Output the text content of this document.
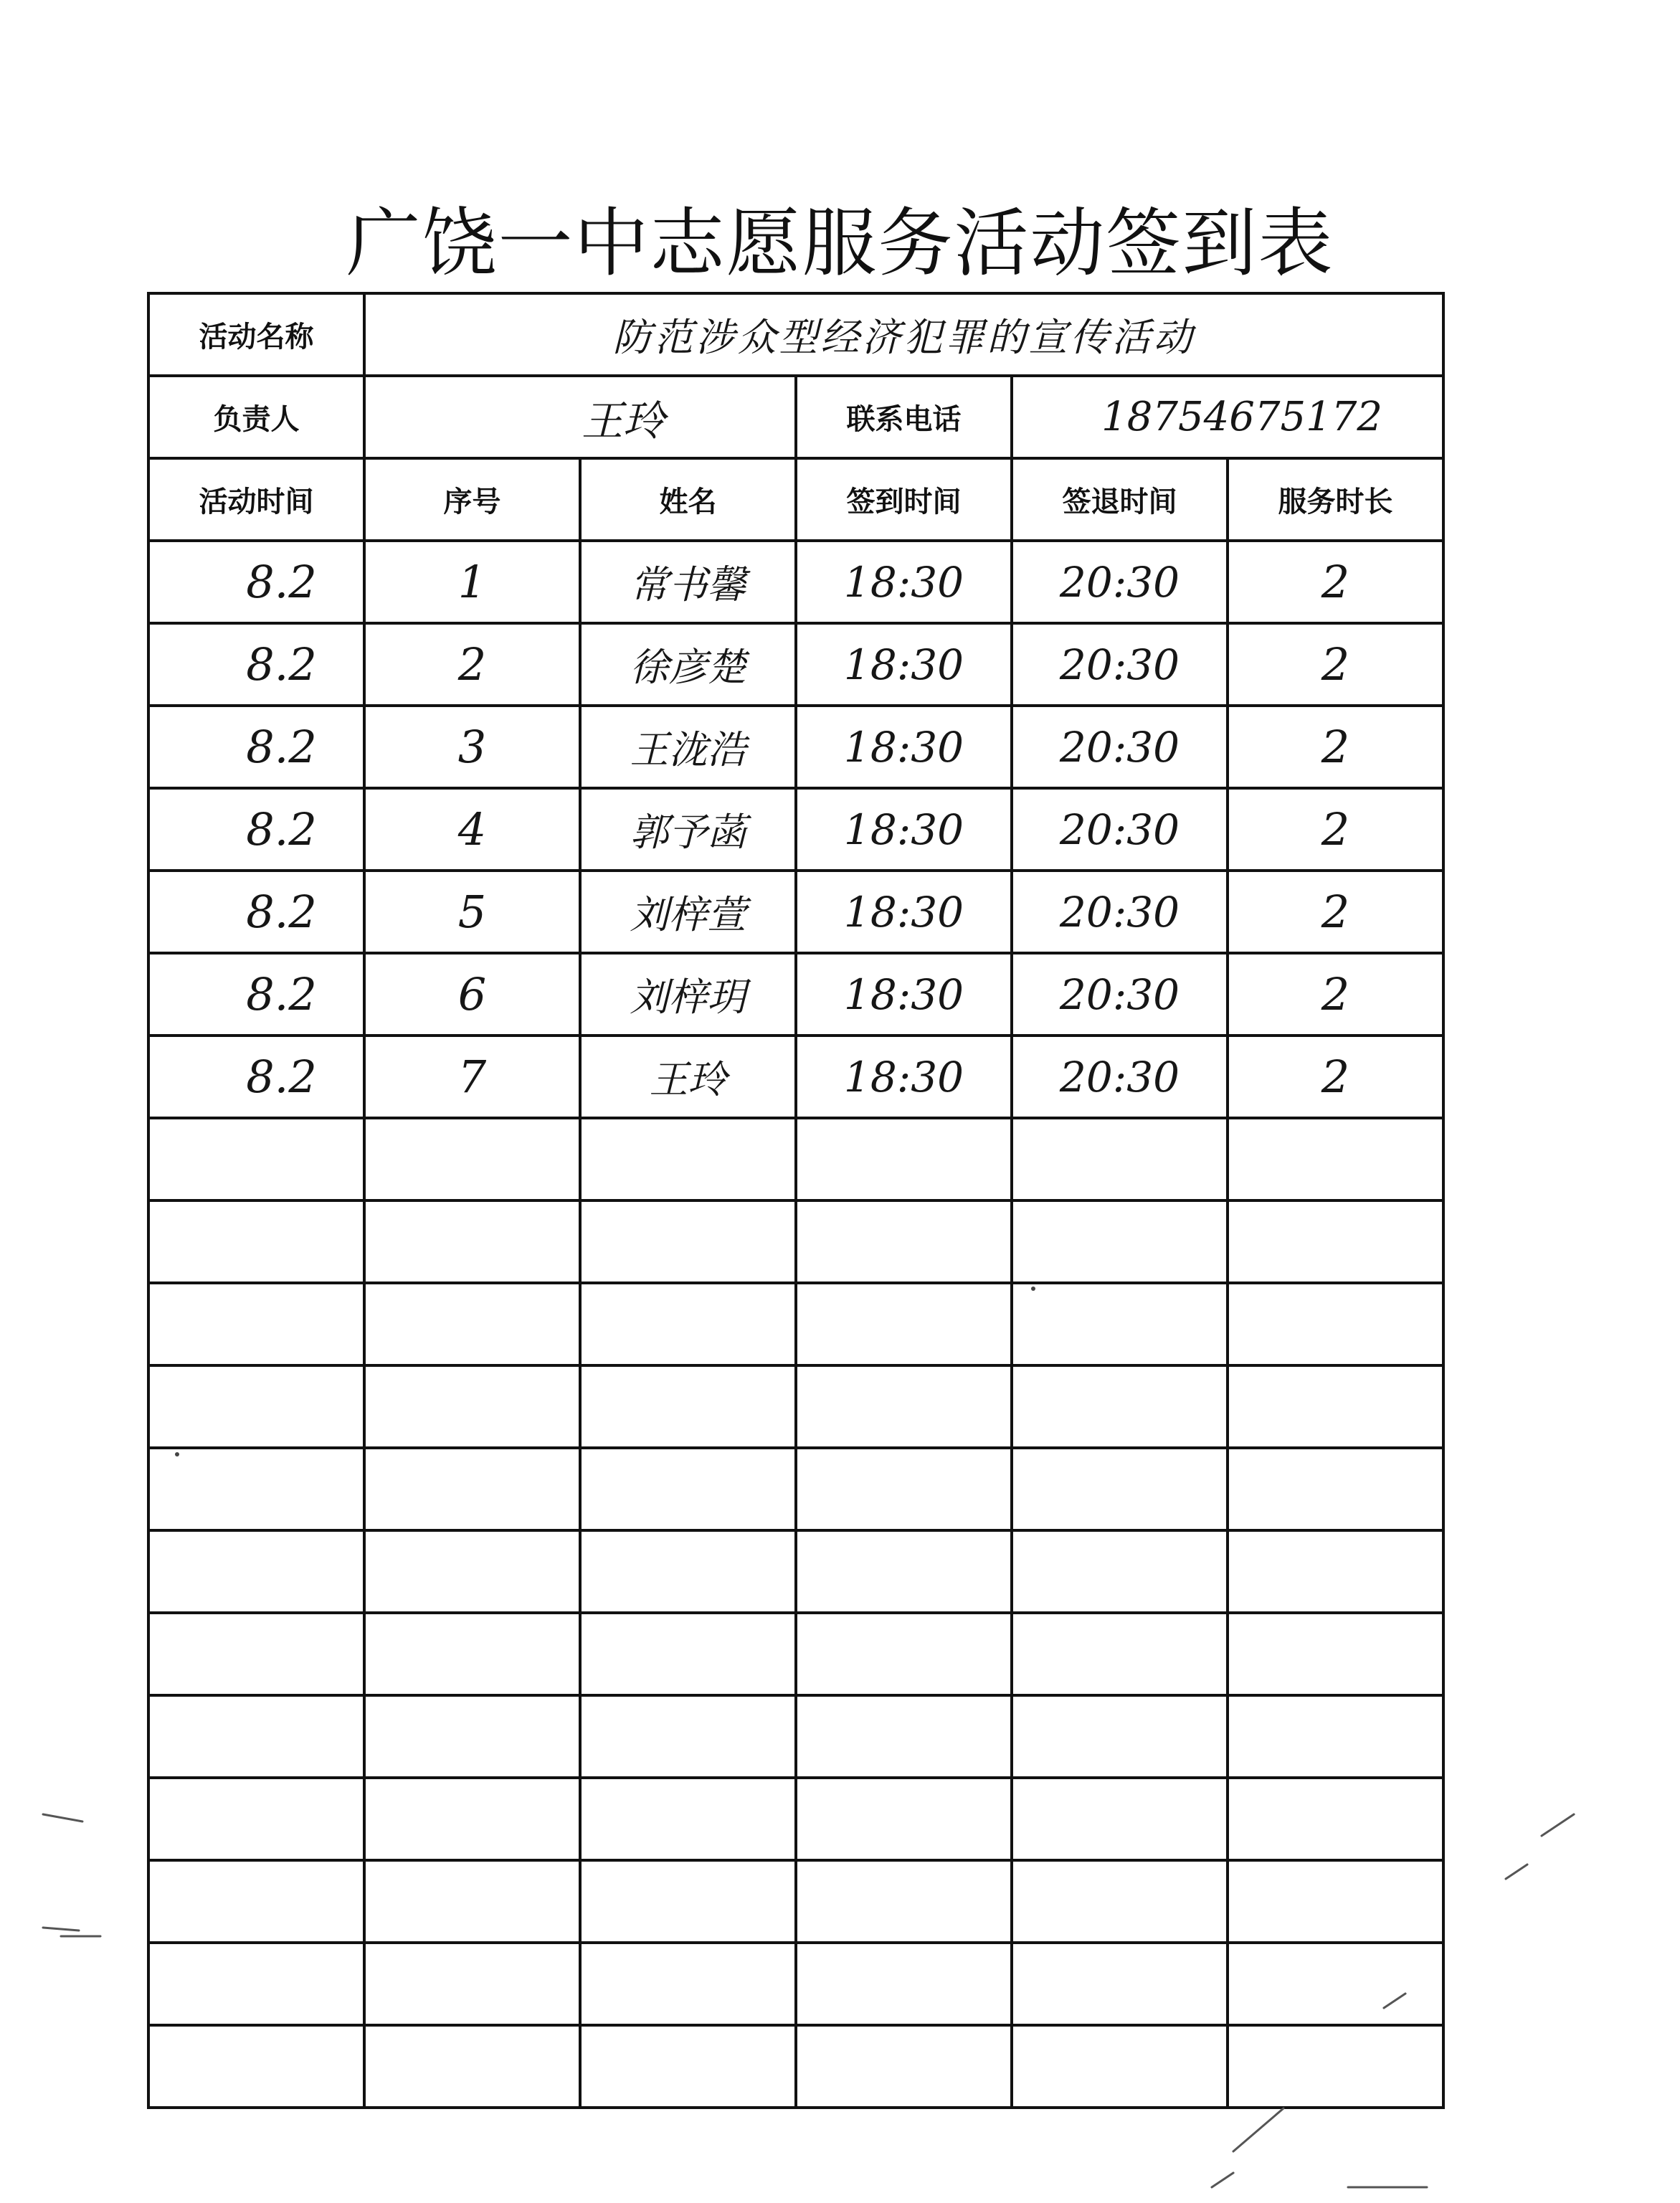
广饶一中志愿服务活动签到表
活动名称	防范涉众型经济犯罪的宣传活动				
负责人	王玲		联系电话	18754675172	
活动时间	序号	姓名	签到时间	签退时间	服务时长
8.2	1	常书馨	18:30	20:30	2
8.2	2	徐彦楚	18:30	20:30	2
8.2	3	王泷浩	18:30	20:30	2
8.2	4	郭予菡	18:30	20:30	2
8.2	5	刘梓萱	18:30	20:30	2
8.2	6	刘梓玥	18:30	20:30	2
8.2	7	王玲	18:30	20:30	2
